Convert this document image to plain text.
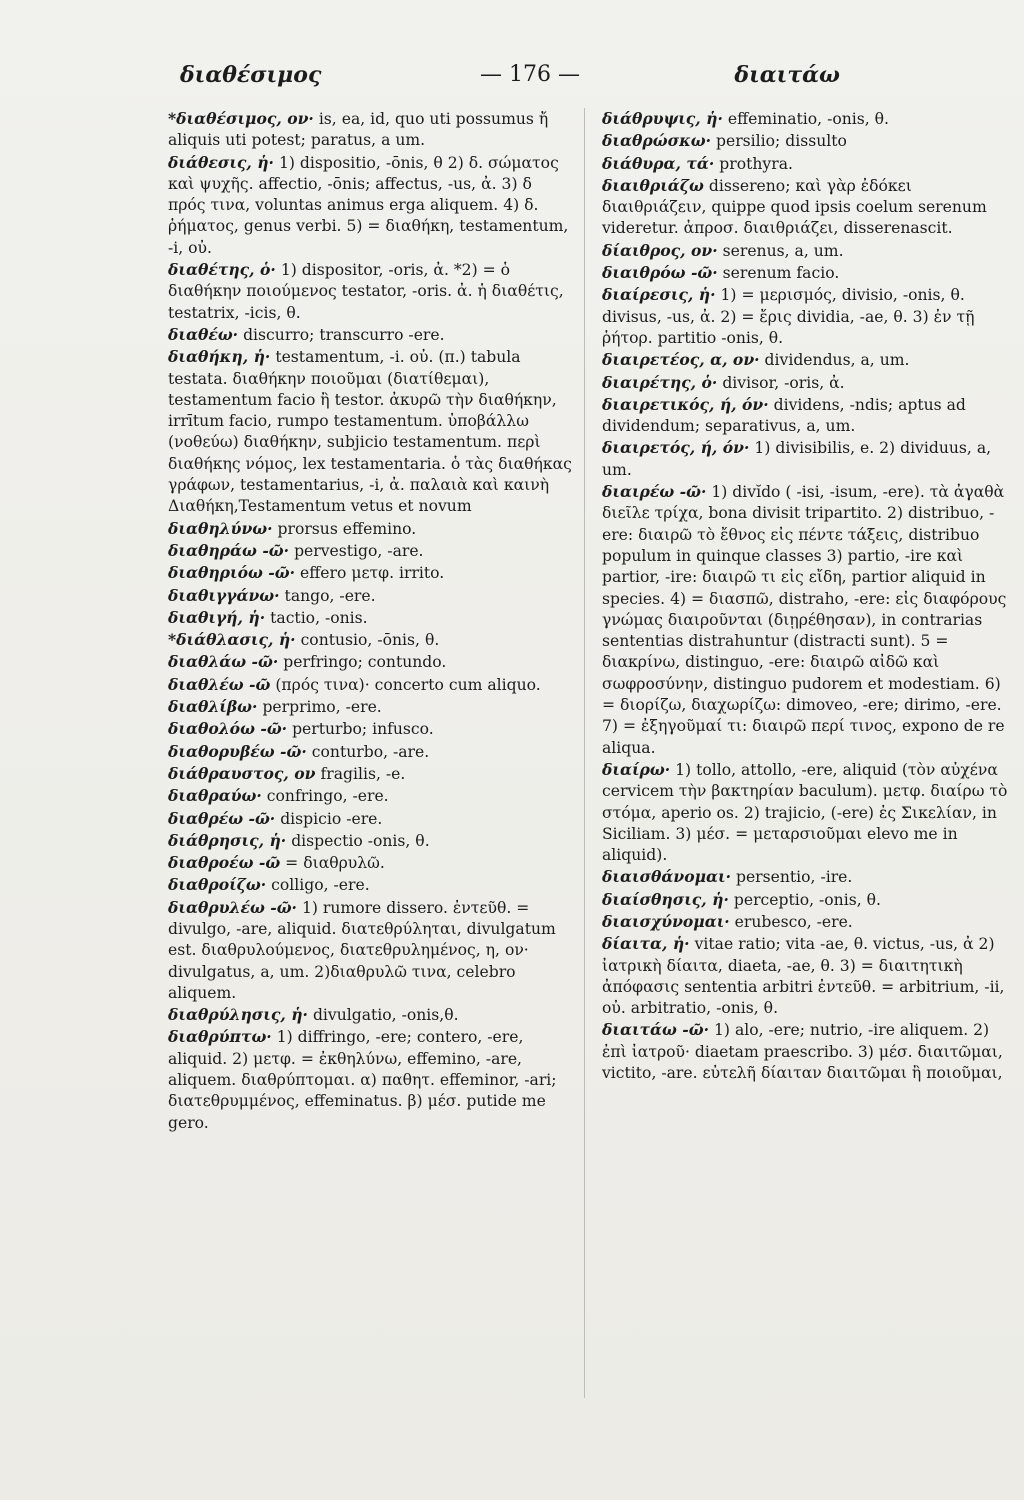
διαθέσιμος	— 176 —	διαιτάω

*διαθέσιμος, ον· is, ea, id, quo uti possumus ἤ aliquis uti potest; paratus, a um.

διάθεσις, ἡ· 1) dispositio, -ōnis, θ 2) δ. σώματος καὶ ψυχῆς. affectio, -ōnis; affectus, -us, ἀ. 3) δ πρός τινα, voluntas animus erga aliquem. 4) δ. ῥήματος, genus verbi. 5) = διαθήκη, testamentum, -i, οὐ.

διαθέτης, ὁ· 1) dispositor, -oris, ἀ. *2) = ὁ διαθήκην ποιούμενος testator, -oris. ἀ. ἡ διαθέτις, testatrix, -icis, θ.

διαθέω· discurro; transcurro -ere.

διαθήκη, ἡ· testamentum, -i. οὐ. (π.) tabula testata. διαθήκην ποιοῦμαι (διατίθεμαι), testamentum facio ἢ testor. ἀκυρῶ τὴν διαθήκην, irrītum facio, rumpo testamentum. ὑποβάλλω (νοθεύω) διαθήκην, subjicio testamentum. περὶ διαθήκης νόμος, lex testamentaria. ὁ τὰς διαθήκας γράφων, testamentarius, -i, ἀ. παλαιὰ καὶ καινὴ Διαθήκη,Testamentum vetus et novum

διαθηλύνω· prorsus effemino.

διαθηράω -ῶ· pervestigo, -are.

διαθηριόω -ῶ· effero μετφ. irrito.

διαθιγγάνω· tango, -ere.

διαθιγή, ἡ· tactio, -onis.

*διάθλασις, ἡ· contusio, -ōnis, θ.

διαθλάω -ῶ· perfringo; contundo.

διαθλέω -ῶ (πρός τινα)· concerto cum aliquo.

διαθλίβω· perprimo, -ere.

διαθολόω -ῶ· perturbo; infusco.

διαθορυβέω -ῶ· conturbo, -are.

διάθραυστος, ον fragilis, -e.

διαθραύω· confringo, -ere.

διαθρέω -ῶ· dispicio -ere.

διάθρησις, ἡ· dispectio -onis, θ.

διαθροέω -ῶ = διαθρυλῶ.

διαθροίζω· colligo, -ere.

διαθρυλέω -ῶ· 1) rumore dissero. ἐντεῦθ. = divulgo, -are, aliquid. διατεθρύληται, divulgatum est. διαθρυλούμενος, διατεθρυλημένος, η, ον· divulgatus, a, um. 2)διαθρυλῶ τινα, celebro aliquem.

διαθρύλησις, ἡ· divulgatio, -onis,θ.

διαθρύπτω· 1) diffringo, -ere; contero, -ere, aliquid. 2) μετφ. = ἐκθηλύνω, effemino, -are, aliquem. διαθρύπτομαι. α) παθητ. effeminor, -ari; διατεθρυμμένος, effeminatus. β) μέσ. putide me gero.

διάθρυψις, ἡ· effeminatio, -onis, θ.

διαθρώσκω· persilio; dissulto

διάθυρα, τά· prothyra.

διαιθριάζω dissereno; καὶ γὰρ ἐδόκει διαιθριάζειν, quippe quod ipsis coelum serenum videretur. ἀπροσ. διαιθριάζει, disserenascit.

δίαιθρος, ον· serenus, a, um.

διαιθρόω -ῶ· serenum facio.

διαίρεσις, ἡ· 1) = μερισμός, divisio, -onis, θ. divisus, -us, ἀ. 2) = ἔρις dividia, -ae, θ. 3) ἐν τῇ ῥήτορ. partitio -onis, θ.

διαιρετέος, α, ον· dividendus, a, um.

διαιρέτης, ὁ· divisor, -oris, ἀ.

διαιρετικός, ή, όν· dividens, -ndis; aptus ad dividendum; separativus, a, um.

διαιρετός, ή, όν· 1) divisibilis, e. 2) dividuus, a, um.

διαιρέω -ῶ· 1) divĭdo ( -isi, -isum, -ere). τὰ ἀγαθὰ διεῖλε τρίχα, bona divisit tripartito. 2) distribuo, -ere: διαιρῶ τὸ ἔθνος εἰς πέντε τάξεις, distribuo populum in quinque classes 3) partio, -ire καὶ partior, -ire: διαιρῶ τι εἰς εἴδη, partior aliquid in species. 4) = διασπῶ, distraho, -ere: εἰς διαφόρους γνώμας διαιροῦνται (διῃρέθησαν), in contrarias sententias distrahuntur (distracti sunt). 5 = διακρίνω, distinguo, -ere: διαιρῶ αἰδῶ καὶ σωφροσύνην, distinguo pudorem et modestiam. 6) = διορίζω, διαχωρίζω: dimoveo, -ere; dirimo, -ere. 7) = ἐξηγοῦμαί τι: διαιρῶ περί τινος, expono de re aliqua.

διαίρω· 1) tollo, attollo, -ere, aliquid (τὸν αὐχένα cervicem τὴν βακτηρίαν baculum). μετφ. διαίρω τὸ στόμα, aperio os. 2) trajicio, (-ere) ἐς Σικελίαν, in Siciliam. 3) μέσ. = μεταρσιοῦμαι elevo me in aliquid).

διαισθάνομαι· persentio, -ire.

διαίσθησις, ἡ· perceptio, -onis, θ.

διαισχύνομαι· erubesco, -ere.

δίαιτα, ἡ· vitae ratio; vita -ae, θ. victus, -us, ἀ 2) ἰατρικὴ δίαιτα, diaeta, -ae, θ. 3) = διαιτητικὴ ἀπόφασις sententia arbitri ἐντεῦθ. = arbitrium, -ii, οὐ. arbitratio, -onis, θ.

διαιτάω -ῶ· 1) alo, -ere; nutrio, -ire aliquem. 2) ἐπὶ ἰατροῦ· diaetam praescribo. 3) μέσ. διαιτῶμαι, victito, -are. εὐτελῆ δίαιταν διαιτῶμαι ἢ ποιοῦμαι,
